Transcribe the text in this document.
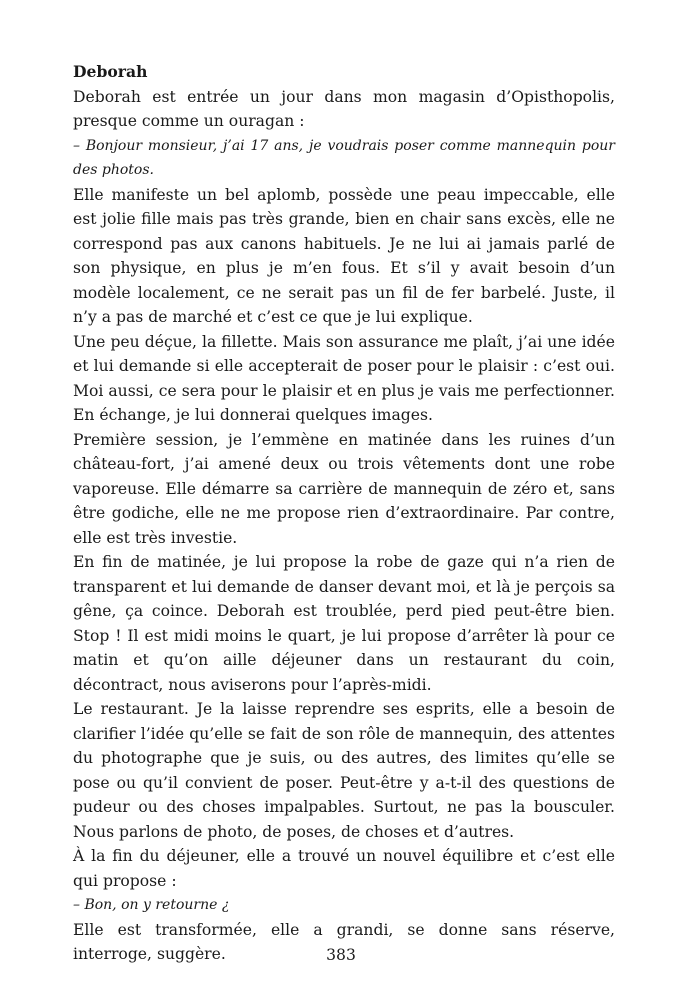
Deborah

Deborah est entrée un jour dans mon magasin d’Opisthopolis, presque comme un ouragan :

– Bonjour monsieur, j’ai 17 ans, je voudrais poser comme mannequin pour des photos.

Elle manifeste un bel aplomb, possède une peau impeccable, elle est jolie fille mais pas très grande, bien en chair sans excès, elle ne correspond pas aux canons habituels. Je ne lui ai jamais parlé de son physique, en plus je m’en fous. Et s’il y avait besoin d’un modèle localement, ce ne serait pas un fil de fer barbelé. Juste, il n’y a pas de marché et c’est ce que je lui explique.

Une peu déçue, la fillette. Mais son assurance me plaît, j’ai une idée et lui demande si elle accepterait de poser pour le plaisir : c’est oui. Moi aussi, ce sera pour le plaisir et en plus je vais me perfectionner. En échange, je lui donnerai quelques images.

Première session, je l’emmène en matinée dans les ruines d’un château-fort, j’ai amené deux ou trois vêtements dont une robe vaporeuse. Elle démarre sa carrière de mannequin de zéro et, sans être godiche, elle ne me propose rien d’extraordinaire. Par contre, elle est très investie.

En fin de matinée, je lui propose la robe de gaze qui n’a rien de transparent et lui demande de danser devant moi, et là je perçois sa gêne, ça coince. Deborah est troublée, perd pied peut-être bien. Stop ! Il est midi moins le quart, je lui propose d’arrêter là pour ce matin et qu’on aille déjeuner dans un restaurant du coin, décontract, nous aviserons pour l’après-midi.

Le restaurant. Je la laisse reprendre ses esprits, elle a besoin de clarifier l’idée qu’elle se fait de son rôle de mannequin, des attentes du photographe que je suis, ou des autres, des limites qu’elle se pose ou qu’il convient de poser. Peut-être y a-t-il des questions de pudeur ou des choses impalpables. Surtout, ne pas la bousculer. Nous parlons de photo, de poses, de choses et d’autres.

À la fin du déjeuner, elle a trouvé un nouvel équilibre et c’est elle qui propose :

– Bon, on y retourne ¿

Elle est transformée, elle a grandi, se donne sans réserve, interroge, suggère.	383
